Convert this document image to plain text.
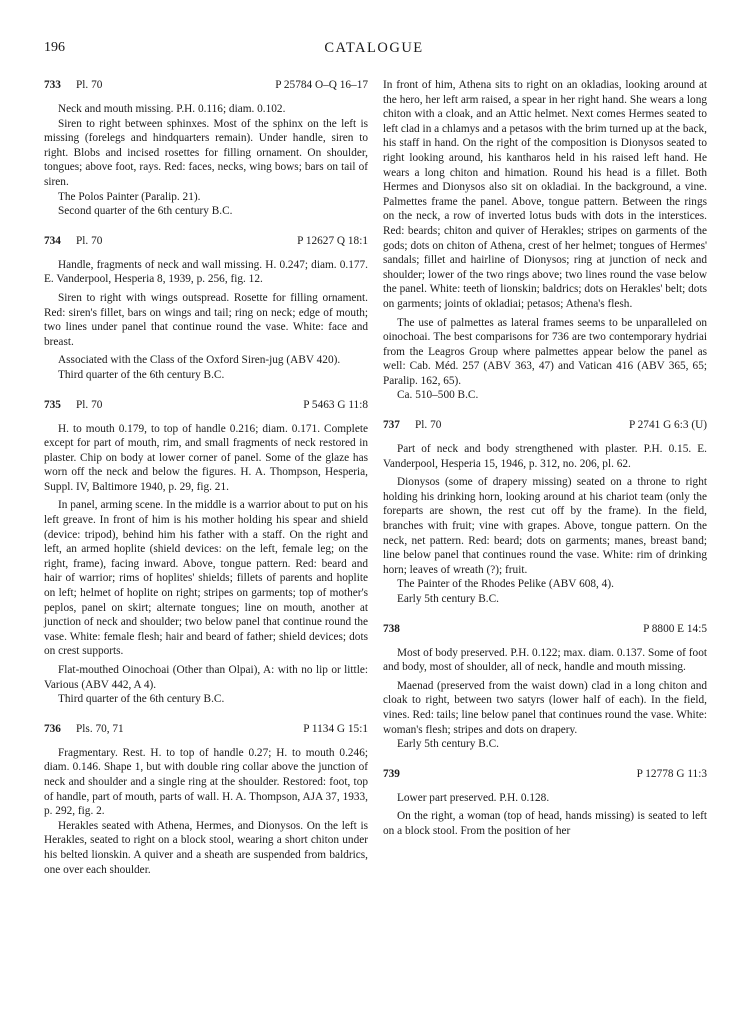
196	CATALOGUE
733 Pl. 70	P 25784 O–Q 16–17

Neck and mouth missing. P.H. 0.116; diam. 0.102.

Siren to right between sphinxes. Most of the sphinx on the left is missing (forelegs and hindquarters remain). Under handle, siren to right. Blobs and incised rosettes for filling ornament. On shoulder, tongues; above foot, rays. Red: faces, necks, wing bows; bars on tail of siren.

The Polos Painter (Paralip. 21).

Second quarter of the 6th century B.C.

734 Pl. 70	P 12627 Q 18:1

Handle, fragments of neck and wall missing. H. 0.247; diam. 0.177. E. Vanderpool, Hesperia 8, 1939, p. 256, fig. 12.

Siren to right with wings outspread. Rosette for filling ornament. Red: siren's fillet, bars on wings and tail; ring on neck; edge of mouth; two lines under panel that continue round the vase. White: face and breast.

Associated with the Class of the Oxford Siren-jug (ABV 420).

Third quarter of the 6th century B.C.

735 Pl. 70	P 5463 G 11:8

H. to mouth 0.179, to top of handle 0.216; diam. 0.171. Complete except for part of mouth, rim, and small fragments of neck restored in plaster. Chip on body at lower corner of panel. Some of the glaze has worn off the neck and below the figures. H. A. Thompson, Hesperia, Suppl. IV, Baltimore 1940, p. 29, fig. 21.

In panel, arming scene. In the middle is a warrior about to put on his left greave. In front of him is his mother holding his spear and shield (device: tripod), behind him his father with a staff. On the right and left, an armed hoplite (shield devices: on the left, female leg; on the right, frame), facing inward. Above, tongue pattern. Red: beard and hair of warrior; rims of hoplites' shields; fillets of parents and hoplite on left; helmet of hoplite on right; stripes on garments; top of mother's peplos, panel on skirt; alternate tongues; line on mouth, another at junction of neck and shoulder; two below panel that continue round the vase. White: female flesh; hair and beard of father; shield devices; dots on crest supports.

Flat-mouthed Oinochoai (Other than Olpai), A: with no lip or little: Various (ABV 442, A 4).

Third quarter of the 6th century B.C.

736 Pls. 70, 71	P 1134 G 15:1

Fragmentary. Rest. H. to top of handle 0.27; H. to mouth 0.246; diam. 0.146. Shape 1, but with double ring collar above the junction of neck and shoulder and a single ring at the shoulder. Restored: foot, top of handle, part of mouth, parts of wall. H. A. Thompson, AJA 37, 1933, p. 292, fig. 2.

Herakles seated with Athena, Hermes, and Dionysos. On the left is Herakles, seated to right on a block stool, wearing a short chiton under his belted lionskin. A quiver and a sheath are suspended from baldrics, one over each shoulder.

In front of him, Athena sits to right on an okladias, looking around at the hero, her left arm raised, a spear in her right hand. She wears a long chiton with a cloak, and an Attic helmet. Next comes Hermes seated to left clad in a chlamys and a petasos with the brim turned up at the back, his staff in hand. On the right of the composition is Dionysos seated to right looking around, his kantharos held in his raised left hand. He wears a long chiton and himation. Round his head is a fillet. Both Hermes and Dionysos also sit on okladiai. In the background, a vine. Palmettes frame the panel. Above, tongue pattern. Between the rings on the neck, a row of inverted lotus buds with dots in the interstices. Red: beards; chiton and quiver of Herakles; stripes on garments of the gods; dots on chiton of Athena, crest of her helmet; tongues of Hermes' sandals; fillet and hairline of Dionysos; ring at junction of neck and shoulder; lower of the two rings above; two lines round the vase below the panel. White: teeth of lionskin; baldrics; dots on Herakles' belt; dots on garments; joints of okladiai; petasos; Athena's flesh.

The use of palmettes as lateral frames seems to be unparalleled on oinochoai. The best comparisons for 736 are two contemporary hydriai from the Leagros Group where palmettes appear below the panel as well: Cab. Méd. 257 (ABV 363, 47) and Vatican 416 (ABV 365, 65; Paralip. 162, 65).

Ca. 510–500 B.C.

737 Pl. 70	P 2741 G 6:3 (U)

Part of neck and body strengthened with plaster. P.H. 0.15. E. Vanderpool, Hesperia 15, 1946, p. 312, no. 206, pl. 62.

Dionysos (some of drapery missing) seated on a throne to right holding his drinking horn, looking around at his chariot team (only the foreparts are shown, the rest cut off by the frame). In the field, branches with fruit; vine with grapes. Above, tongue pattern. On the neck, net pattern. Red: beard; dots on garments; manes, breast band; line below panel that continues round the vase. White: rim of drinking horn; leaves of wreath (?); fruit.

The Painter of the Rhodes Pelike (ABV 608, 4).

Early 5th century B.C.

738	P 8800 E 14:5

Most of body preserved. P.H. 0.122; max. diam. 0.137. Some of foot and body, most of shoulder, all of neck, handle and mouth missing.

Maenad (preserved from the waist down) clad in a long chiton and cloak to right, between two satyrs (lower half of each). In the field, vines. Red: tails; line below panel that continues round the vase. White: woman's flesh; stripes and dots on drapery.

Early 5th century B.C.

739	P 12778 G 11:3

Lower part preserved. P.H. 0.128.

On the right, a woman (top of head, hands missing) is seated to left on a block stool. From the position of her
